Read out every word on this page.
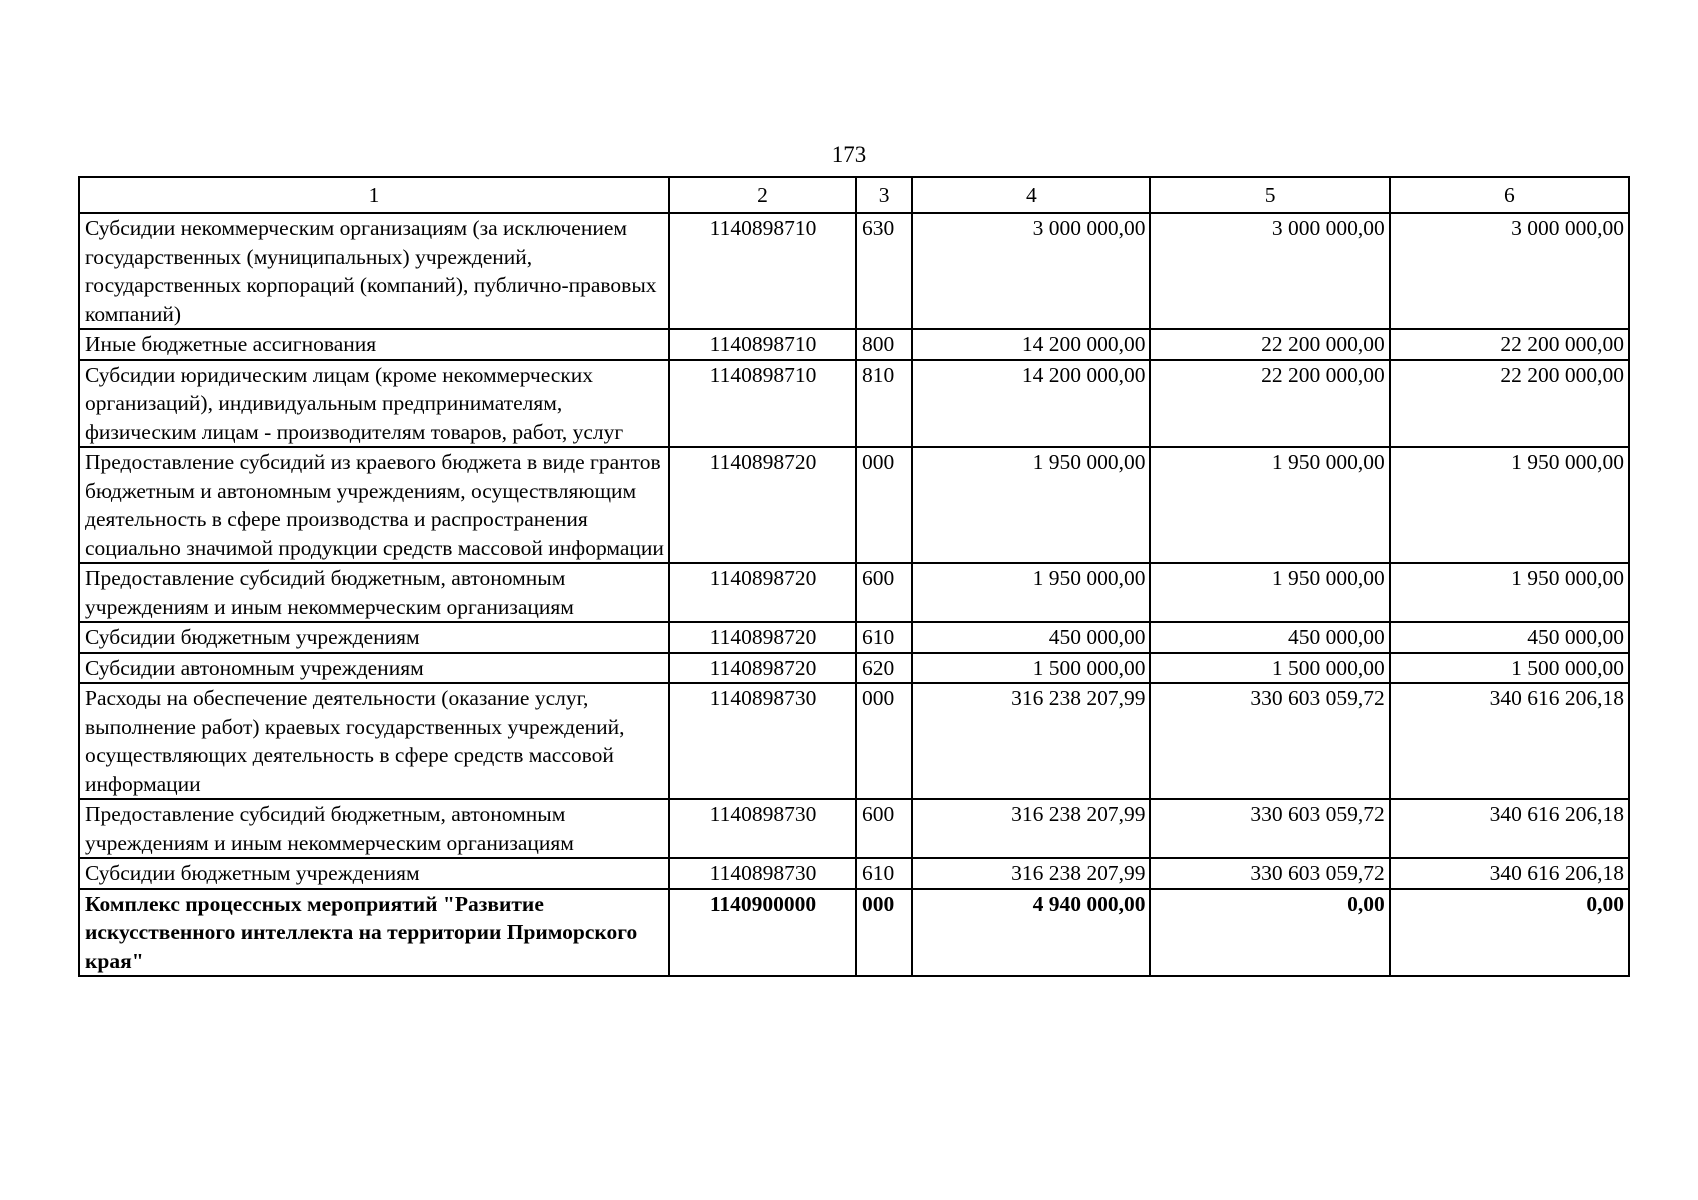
173
1	2	3	4	5	6
Субсидии некоммерческим организациям (за исключением государственных (муниципальных) учреждений, государственных корпораций (компаний), публично-правовых компаний)	1140898710	630	3 000 000,00	3 000 000,00	3 000 000,00
Иные бюджетные ассигнования	1140898710	800	14 200 000,00	22 200 000,00	22 200 000,00
Субсидии юридическим лицам (кроме некоммерческих организаций), индивидуальным предпринимателям, физическим лицам - производителям товаров, работ, услуг	1140898710	810	14 200 000,00	22 200 000,00	22 200 000,00
Предоставление субсидий из краевого бюджета в виде грантов бюджетным и автономным учреждениям, осуществляющим деятельность в сфере производства и распространения социально значимой продукции средств массовой информации	1140898720	000	1 950 000,00	1 950 000,00	1 950 000,00
Предоставление субсидий бюджетным, автономным учреждениям и иным некоммерческим организациям	1140898720	600	1 950 000,00	1 950 000,00	1 950 000,00
Субсидии бюджетным учреждениям	1140898720	610	450 000,00	450 000,00	450 000,00
Субсидии автономным учреждениям	1140898720	620	1 500 000,00	1 500 000,00	1 500 000,00
Расходы на обеспечение деятельности (оказание услуг, выполнение работ) краевых государственных учреждений, осуществляющих деятельность в сфере средств массовой информации	1140898730	000	316 238 207,99	330 603 059,72	340 616 206,18
Предоставление субсидий бюджетным, автономным учреждениям и иным некоммерческим организациям	1140898730	600	316 238 207,99	330 603 059,72	340 616 206,18
Субсидии бюджетным учреждениям	1140898730	610	316 238 207,99	330 603 059,72	340 616 206,18
Комплекс процессных мероприятий "Развитие искусственного интеллекта на территории Приморского края"	1140900000	000	4 940 000,00	0,00	0,00
